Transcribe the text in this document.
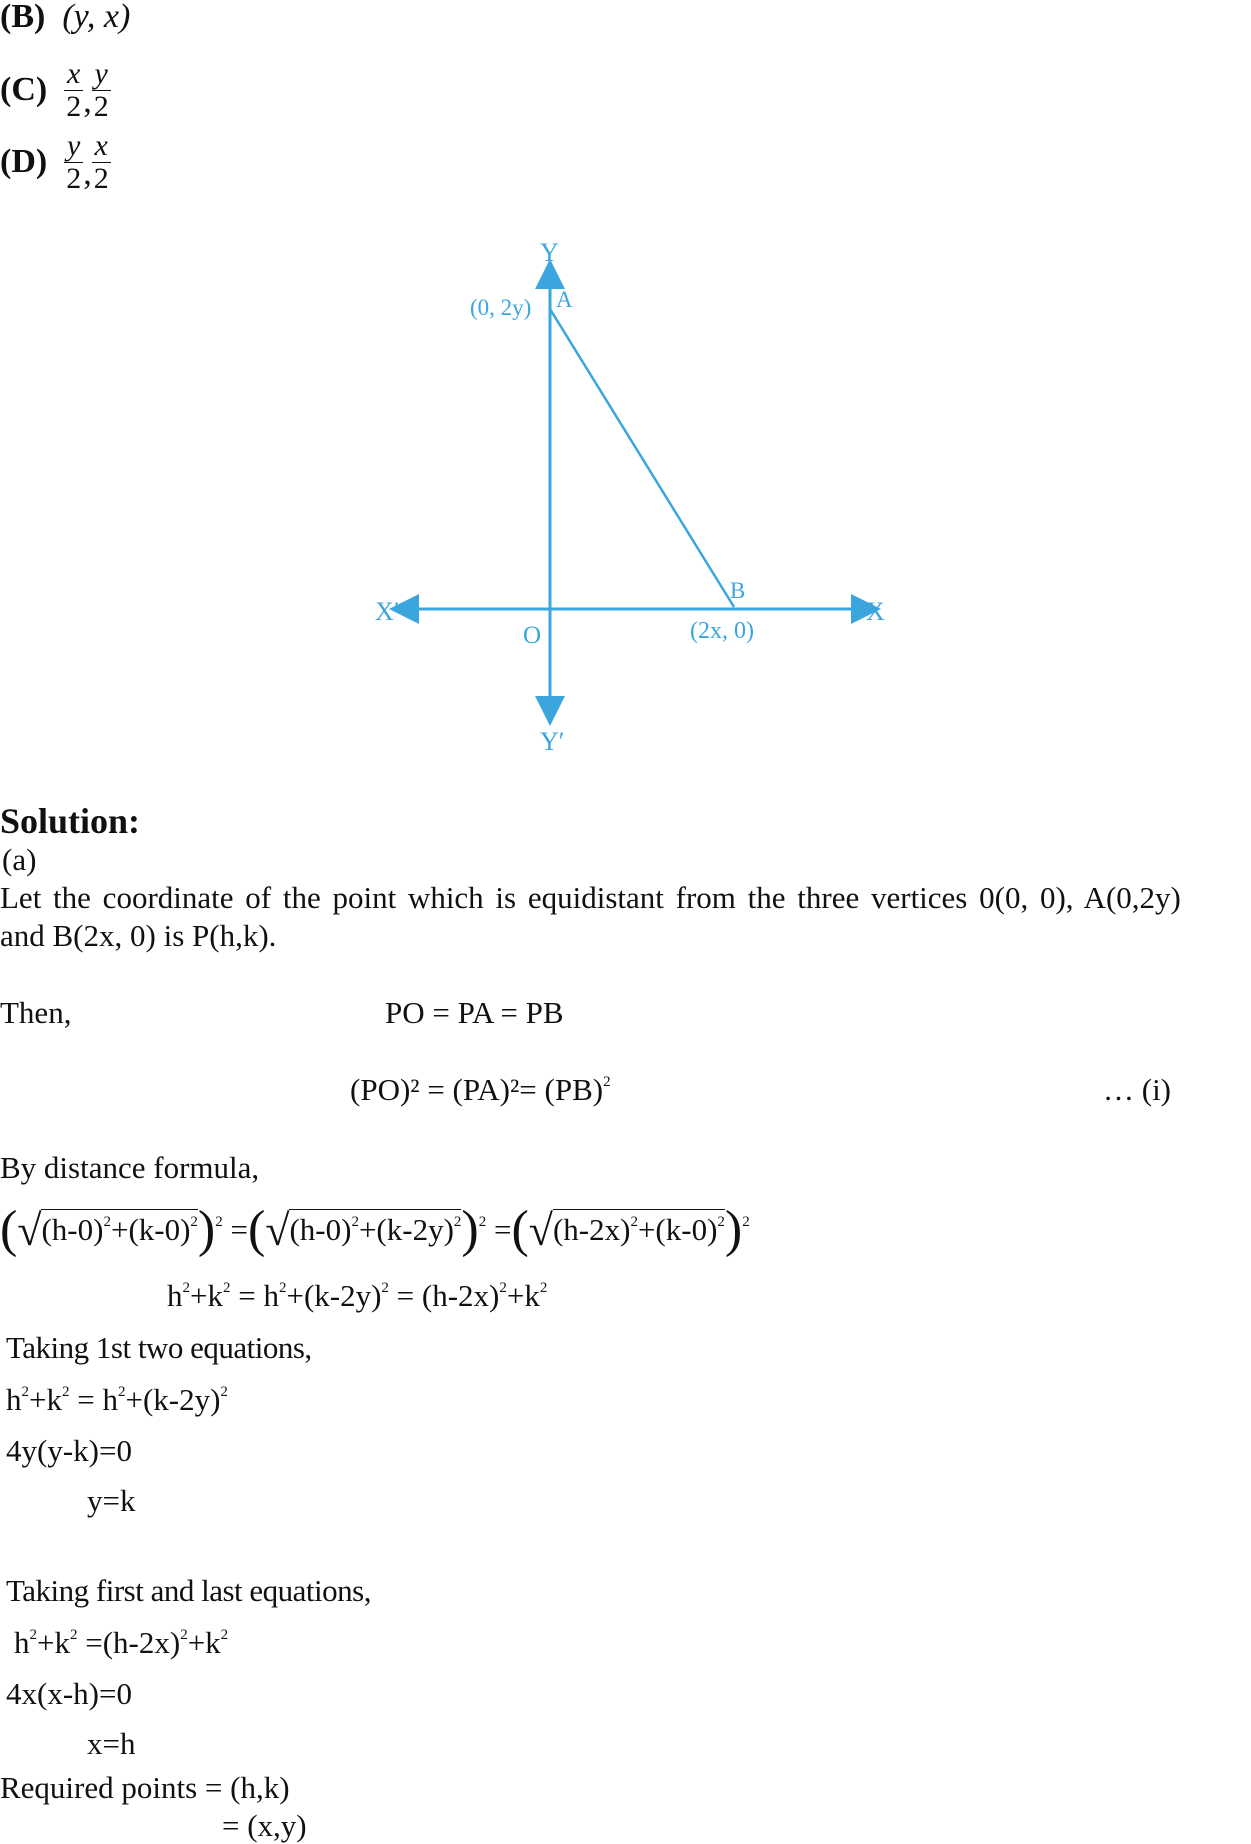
(B) (y, x)
$(C) \frac{x}{2}$ , $\frac{y}{2}$
$(D) \frac{y}{2}$ , $\frac{x}{2}$
Y
Y′
X
X′
O
A
(0, 2y)
B
(2x, 0)
Solution:
(a)
Let the coordinate of the point which is equidistant from the three vertices 0(0, 0), A(0,2y)
and B(2x, 0) is P(h,k).
Then,	PO = PA = PB
(PO)² = (PA)²= (PB)$^2$	… (i)
By distance formula,
$(√(h-0)^2+(k-0)^2)^2 =(√(h-0)^2+(k-2y)^2)^2 =(√(h-2x)^2+(k-0)^2)^2$
$h^2+k^2 = h^2+(k-2y)^2 = (h-2x)^2+k^2$
Taking 1st two equations,
$h^2+k^2 = h^2+(k-2y)^2$
4y(y-k)=0
y=k
Taking first and last equations,
$h^2+k^2 =(h-2x)^2+k^2$
4x(x-h)=0
x=h
Required points = (h,k)
= (x,y)
